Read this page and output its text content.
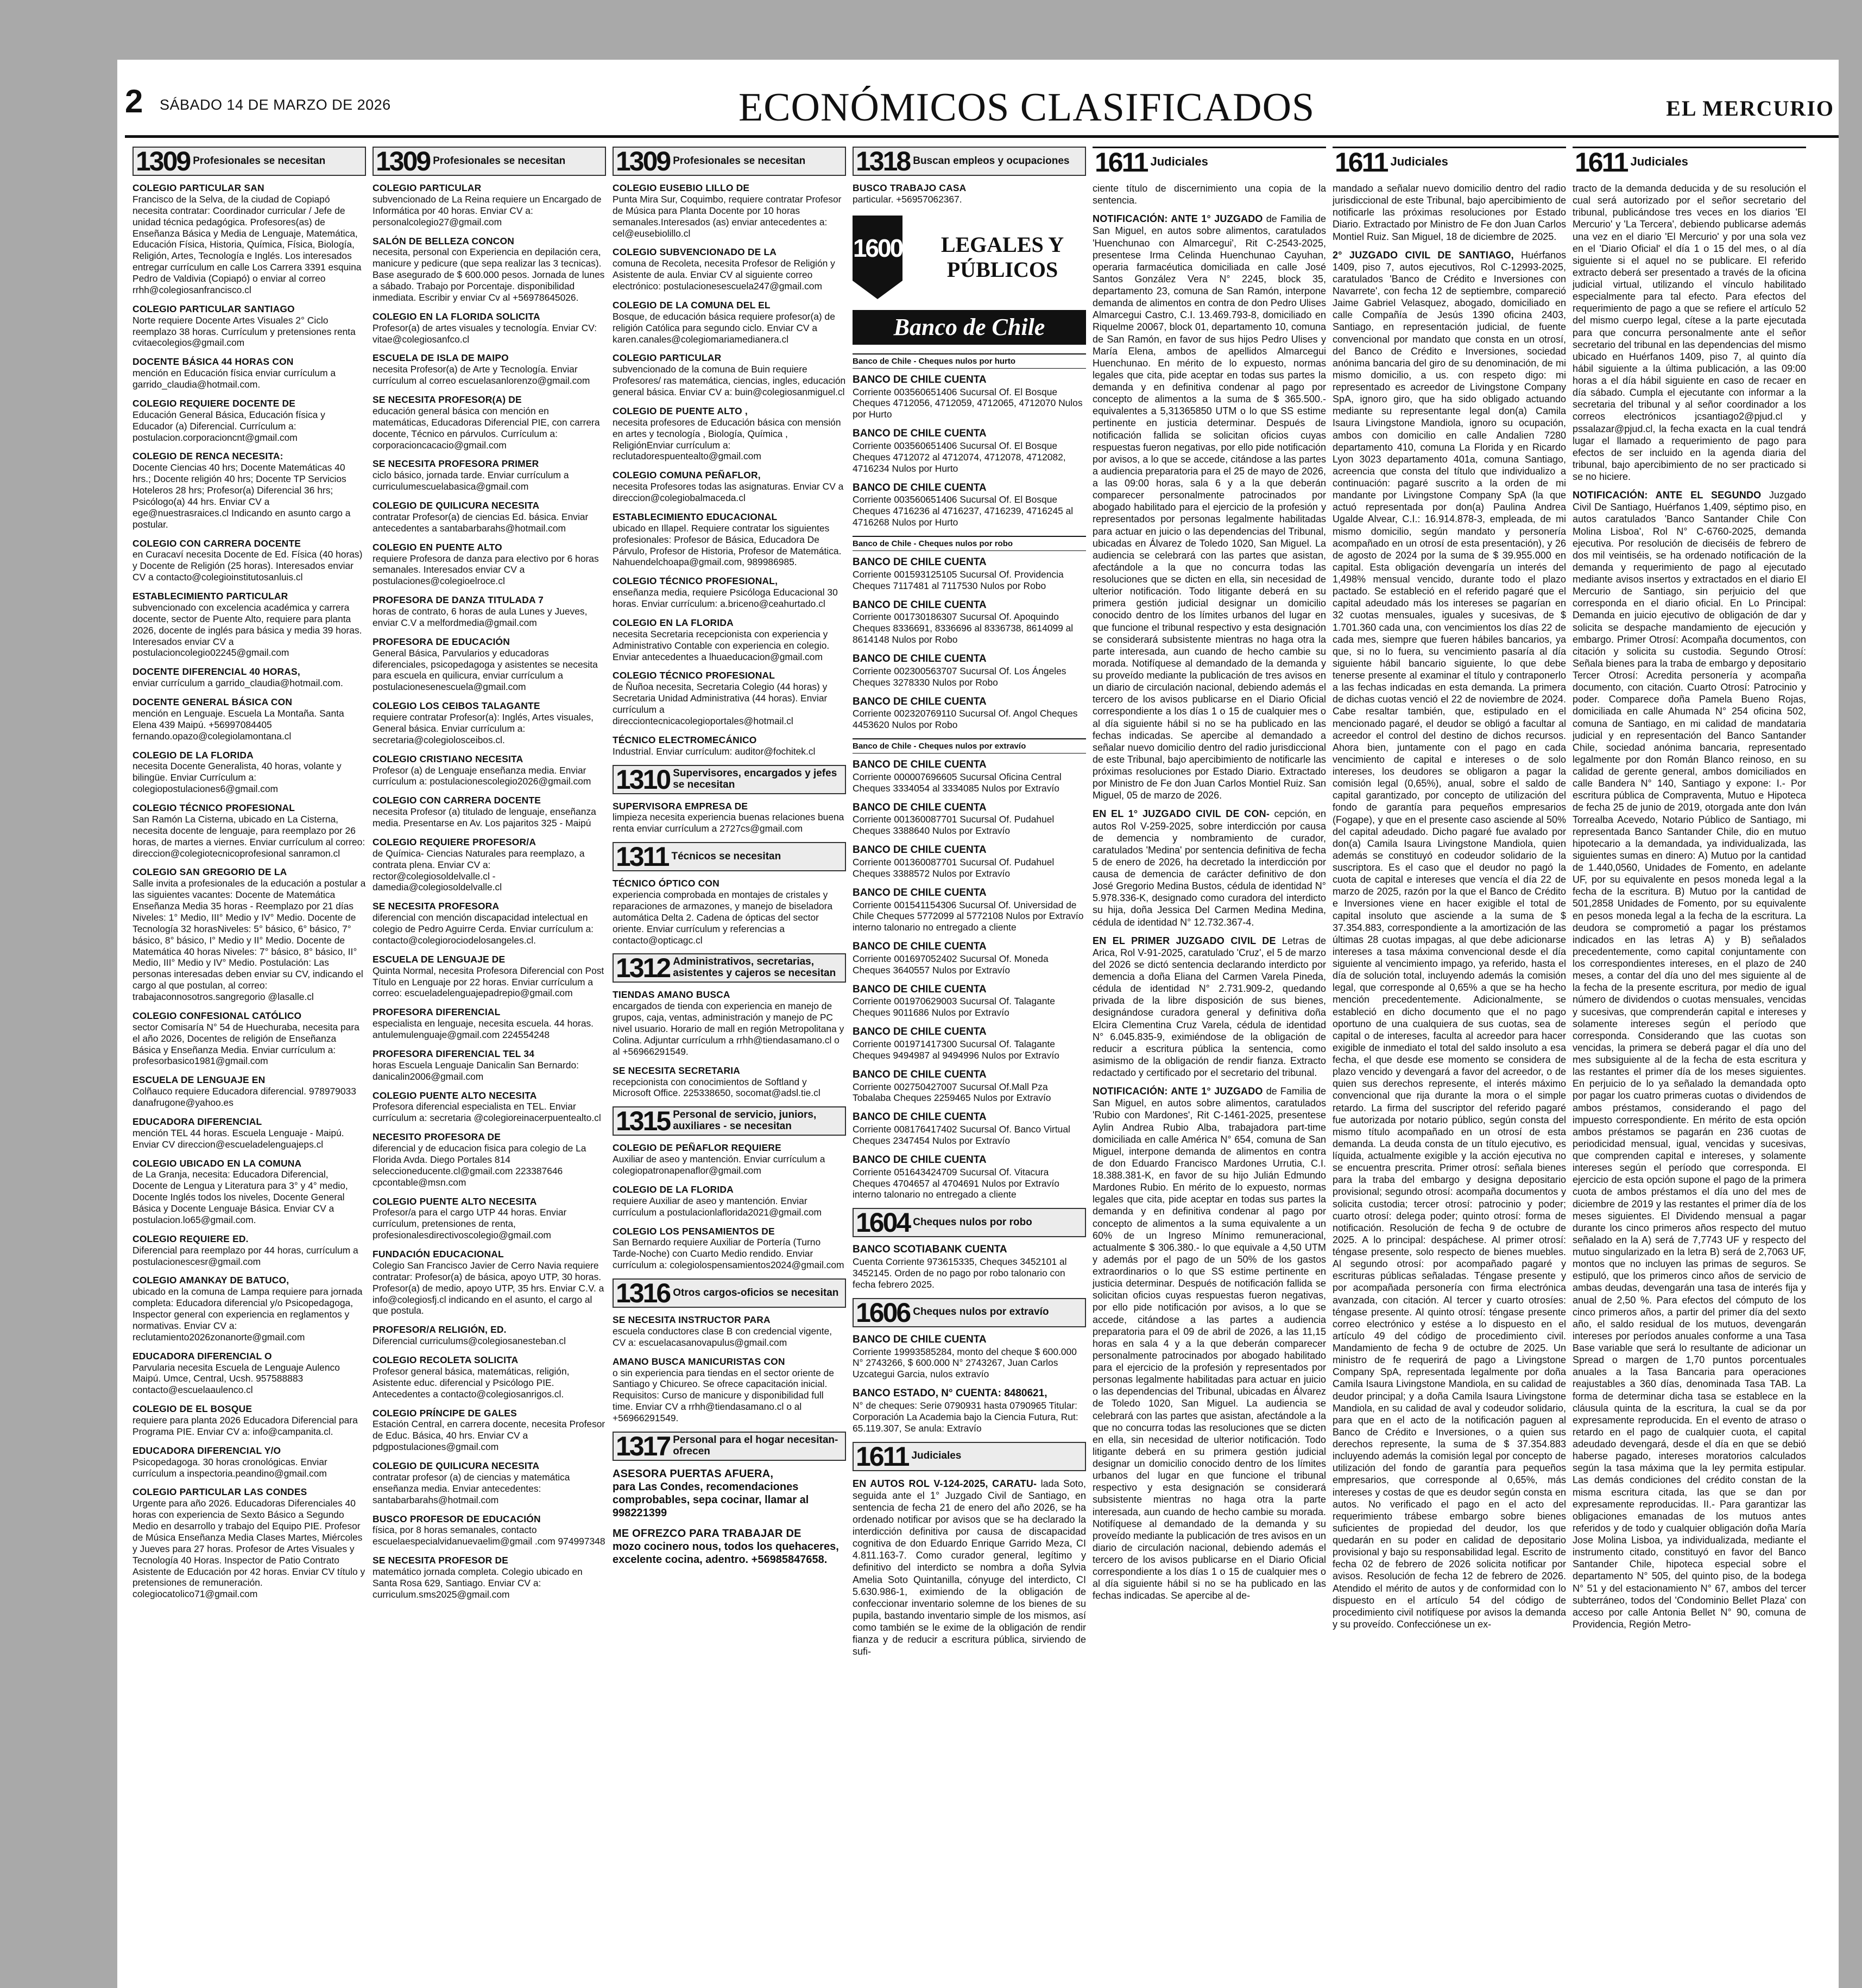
2 SÁBADO 14 DE MARZO DE 2026	ECONÓMICOS CLASIFICADOS	EL MERCURIO
1309 Profesionales se necesitan
COLEGIO PARTICULAR SAN
Francisco de la Selva, de la ciudad de Copiapó necesita contratar: Coordinador curricular / Jefe de unidad técnica pedagógica. Profesores(as) de Enseñanza Básica y Media de Lenguaje, Matemática, Educación Física, Historia, Química, Física, Biología, Religión, Artes, Tecnología e Inglés. Los interesados entregar currículum en calle Los Carrera 3391 esquina Pedro de Valdivia (Copiapó) o enviar al correo rrhh@colegiosanfrancisco.cl
COLEGIO PARTICULAR SANTIAGO
Norte requiere Docente Artes Visuales 2° Ciclo reemplazo 38 horas. Currículum y pretensiones renta cvitaecolegios@gmail.com
DOCENTE BÁSICA 44 HORAS CON
mención en Educación física enviar currículum a garrido_claudia@hotmail.com.
COLEGIO REQUIERE DOCENTE DE
Educación General Básica, Educación física y Educador (a) Diferencial. Currículum a: postulacion.corporacioncnt@gmail.com
COLEGIO DE RENCA NECESITA:
Docente Ciencias 40 hrs; Docente Matemáticas 40 hrs.; Docente religión 40 hrs; Docente TP Servicios Hoteleros 28 hrs; Profesor(a) Diferencial 36 hrs; Psicólogo(a) 44 hrs. Enviar CV a ege@nuestrasraices.cl Indicando en asunto cargo a postular.
COLEGIO CON CARRERA DOCENTE
en Curacaví necesita Docente de Ed. Física (40 horas) y Docente de Religión (25 horas). Interesados enviar CV a contacto@colegioinstitutosanluis.cl
ESTABLECIMIENTO PARTICULAR
subvencionado con excelencia académica y carrera docente, sector de Puente Alto, requiere para planta 2026, docente de inglés para básica y media 39 horas. Interesados enviar CV a postulacioncolegio02245@gmail.com
DOCENTE DIFERENCIAL 40 HORAS,
enviar currículum a garrido_claudia@hotmail.com.
DOCENTE GENERAL BÁSICA CON
mención en Lenguaje. Escuela La Montaña. Santa Elena 439 Maipú. +56997084405 fernando.opazo@colegiolamontana.cl
COLEGIO DE LA FLORIDA
necesita Docente Generalista, 40 horas, volante y bilingüe. Enviar Currículum a: colegiopostulaciones6@gmail.com
COLEGIO TÉCNICO PROFESIONAL
San Ramón La Cisterna, ubicado en La Cisterna, necesita docente de lenguaje, para reemplazo por 26 horas, de martes a viernes. Enviar currículum al correo: direccion@colegiotecnicoprofesional sanramon.cl
COLEGIO SAN GREGORIO DE LA
Salle invita a profesionales de la educación a postular a las siguientes vacantes: Docente de Matemática Enseñanza Media 35 horas - Reemplazo por 21 días Niveles: 1° Medio, III° Medio y IV° Medio. Docente de Tecnología 32 horasNiveles: 5° básico, 6° básico, 7° básico, 8° básico, I° Medio y II° Medio. Docente de Matemática 40 horas Niveles: 7° básico, 8° básico, II° Medio, III° Medio y IV° Medio. Postulación: Las personas interesadas deben enviar su CV, indicando el cargo al que postulan, al correo: trabajaconnosotros.sangregorio @lasalle.cl
COLEGIO CONFESIONAL CATÓLICO
sector Comisaría N° 54 de Huechuraba, necesita para el año 2026, Docentes de religión de Enseñanza Básica y Enseñanza Media. Enviar currículum a: profesorbasico1981@gmail.com
ESCUELA DE LENGUAJE EN
Colñauco requiere Educadora diferencial. 978979033 danafrugone@yahoo.es
EDUCADORA DIFERENCIAL
mención TEL 44 horas. Escuela Lenguaje - Maipú. Enviar CV direccion@escueladelenguajeps.cl
COLEGIO UBICADO EN LA COMUNA
de La Granja, necesita: Educadora Diferencial, Docente de Lengua y Literatura para 3° y 4° medio, Docente Inglés todos los niveles, Docente General Básica y Docente Lenguaje Básica. Enviar CV a postulacion.lo65@gmail.com.
COLEGIO REQUIERE ED.
Diferencial para reemplazo por 44 horas, currículum a postulacionescesr@gmail.com
COLEGIO AMANKAY DE BATUCO,
ubicado en la comuna de Lampa requiere para jornada completa: Educadora diferencial y/o Psicopedagoga, Inspector general con experiencia en reglamentos y normativas. Enviar CV a: reclutamiento2026zonanorte@gmail.com
EDUCADORA DIFERENCIAL O
Parvularia necesita Escuela de Lenguaje Aulenco Maipú. Umce, Central, Ucsh. 957588883 contacto@escuelaaulenco.cl
COLEGIO DE EL BOSQUE
requiere para planta 2026 Educadora Diferencial para Programa PIE. Enviar CV a: info@campanita.cl.
EDUCADORA DIFERENCIAL Y/O
Psicopedagoga. 30 horas cronológicas. Enviar currículum a inspectoria.peandino@gmail.com
COLEGIO PARTICULAR LAS CONDES
Urgente para año 2026. Educadoras Diferenciales 40 horas con experiencia de Sexto Básico a Segundo Medio en desarrollo y trabajo del Equipo PIE. Profesor de Música Enseñanza Media Clases Martes, Miércoles y Jueves para 27 horas. Profesor de Artes Visuales y Tecnología 40 Horas. Inspector de Patio Contrato Asistente de Educación por 42 horas. Enviar CV título y pretensiones de remuneración. colegiocatolico71@gmail.com
1309 Profesionales se necesitan
COLEGIO PARTICULAR
subvencionado de La Reina requiere un Encargado de Informática por 40 horas. Enviar CV a: personalcolegio27@gmail.com
SALÓN DE BELLEZA CONCON
necesita, personal con Experiencia en depilación cera, manicure y pedicure (que sepa realizar las 3 tecnicas). Base asegurado de $ 600.000 pesos. Jornada de lunes a sábado. Trabajo por Porcentaje. disponibilidad inmediata. Escribir y enviar Cv al +56978645026.
COLEGIO EN LA FLORIDA SOLICITA
Profesor(a) de artes visuales y tecnología. Enviar CV: vitae@colegiosanfco.cl
ESCUELA DE ISLA DE MAIPO
necesita Profesor(a) de Arte y Tecnología. Enviar currículum al correo escuelasanlorenzo@gmail.com
SE NECESITA PROFESOR(A) DE
educación general básica con mención en matemáticas, Educadoras Diferencial PIE, con carrera docente, Técnico en párvulos. Currículum a: corporacioncacacio@gmail.com
SE NECESITA PROFESORA PRIMER
ciclo básico, jornada tarde. Enviar currículum a curriculumescuelabasica@gmail.com
COLEGIO DE QUILICURA NECESITA
contratar Profesor(a) de ciencias Ed. básica. Enviar antecedentes a santabarbarahs@hotmail.com
COLEGIO EN PUENTE ALTO
requiere Profesora de danza para electivo por 6 horas semanales. Interesados enviar CV a postulaciones@colegioelroce.cl
PROFESORA DE DANZA TITULADA 7
horas de contrato, 6 horas de aula Lunes y Jueves, enviar C.V a melfordmedia@gmail.com
PROFESORA DE EDUCACIÓN
General Básica, Parvularios y educadoras diferenciales, psicopedagoga y asistentes se necesita para escuela en quilicura, enviar currículum a postulacionesenescuela@gmail.com
COLEGIO LOS CEIBOS TALAGANTE
requiere contratar Profesor(a): Inglés, Artes visuales, General básica. Enviar currículum a: secretaria@colegiolosceibos.cl.
COLEGIO CRISTIANO NECESITA
Profesor (a) de Lenguaje enseñanza media. Enviar currículum a: postulacionescolegio2026@gmail.com
COLEGIO CON CARRERA DOCENTE
necesita Profesor (a) titulado de lenguaje, enseñanza media. Presentarse en Av. Los pajaritos 325 - Maipú
COLEGIO REQUIERE PROFESOR/A
de Química- Ciencias Naturales para reemplazo, a contrata plena. Enviar CV a: rector@colegiosoldelvalle.cl - damedia@colegiosoldelvalle.cl
SE NECESITA PROFESORA
diferencial con mención discapacidad intelectual en colegio de Pedro Aguirre Cerda. Enviar currículum a: contacto@colegiorociodelosangeles.cl.
ESCUELA DE LENGUAJE DE
Quinta Normal, necesita Profesora Diferencial con Post Título en Lenguaje por 22 horas. Enviar currículum a correo: escueladelenguajepadrepio@gmail.com
PROFESORA DIFERENCIAL
especialista en lenguaje, necesita escuela. 44 horas. antulemulenguaje@gmail.com 224554248
PROFESORA DIFERENCIAL TEL 34
horas Escuela Lenguaje Danicalin San Bernardo: danicalin2006@gmail.com
COLEGIO PUENTE ALTO NECESITA
Profesora diferencial especialista en TEL. Enviar currículum a: secretaria @colegioreinacerpuentealto.cl
NECESITO PROFESORA DE
diferencial y de educacion fisica para colegio de La Florida Avda. Diego Portales 814 seleccioneducente.cl@gmail.com 223387646 cpcontable@msn.com
COLEGIO PUENTE ALTO NECESITA
Profesor/a para el cargo UTP 44 horas. Enviar currículum, pretensiones de renta, profesionalesdirectivoscolegio@gmail.com
FUNDACIÓN EDUCACIONAL
Colegio San Francisco Javier de Cerro Navia requiere contratar: Profesor(a) de básica, apoyo UTP, 30 horas. Profesor(a) de medio, apoyo UTP, 35 hrs. Enviar C.V. a info@colegiosfj.cl indicando en el asunto, el cargo al que postula.
PROFESOR/A RELIGIÓN, ED.
Diferencial curriculums@colegiosanesteban.cl
COLEGIO RECOLETA SOLICITA
Profesor general básica, matemáticas, religión, Asistente educ. diferencial y Psicólogo PIE. Antecedentes a contacto@colegiosanrigos.cl.
COLEGIO PRÍNCIPE DE GALES
Estación Central, en carrera docente, necesita Profesor de Educ. Básica, 40 hrs. Enviar CV a pdgpostulaciones@gmail.com
COLEGIO DE QUILICURA NECESITA
contratar profesor (a) de ciencias y matemática enseñanza media. Enviar antecedentes: santabarbarahs@hotmail.com
BUSCO PROFESOR DE EDUCACIÓN
física, por 8 horas semanales, contacto escuelaespecialvidanuevaelim@gmail .com 974997348
SE NECESITA PROFESOR DE
matemático jornada completa. Colegio ubicado en Santa Rosa 629, Santiago. Enviar CV a: curriculum.sms2025@gmail.com
1309 Profesionales se necesitan
COLEGIO EUSEBIO LILLO DE
Punta Mira Sur, Coquimbo, requiere contratar Profesor de Música para Planta Docente por 10 horas semanales.Interesados (as) enviar antecedentes a: cel@eusebiolillo.cl
COLEGIO SUBVENCIONADO DE LA
comuna de Recoleta, necesita Profesor de Religión y Asistente de aula. Enviar CV al siguiente correo electrónico: postulacionesescuela247@gmail.com
COLEGIO DE LA COMUNA DEL EL
Bosque, de educación básica requiere profesor(a) de religión Católica para segundo ciclo. Enviar CV a karen.canales@colegiomariamedianera.cl
COLEGIO PARTICULAR
subvencionado de la comuna de Buin requiere Profesores/ ras matemática, ciencias, ingles, educación general básica. Enviar CV a: buin@colegiosanmiguel.cl
COLEGIO DE PUENTE ALTO ,
necesita profesores de Educación básica con mensión en artes y tecnología , Biología, Química , ReligiónEnviar currículum a: reclutadorespuentealto@gmail.com
COLEGIO COMUNA PEÑAFLOR,
necesita Profesores todas las asignaturas. Enviar CV a direccion@colegiobalmaceda.cl
ESTABLECIMIENTO EDUCACIONAL
ubicado en Illapel. Requiere contratar los siguientes profesionales: Profesor de Básica, Educadora De Párvulo, Profesor de Historia, Profesor de Matemática. Nahuendelchoapa@gmail.com, 989986985.
COLEGIO TÉCNICO PROFESIONAL,
enseñanza media, requiere Psicóloga Educacional 30 horas. Enviar currículum: a.briceno@ceahurtado.cl
COLEGIO EN LA FLORIDA
necesita Secretaria recepcionista con experiencia y Administrativo Contable con experiencia en colegio. Enviar antecedentes a lhuaeducacion@gmail.com
COLEGIO TÉCNICO PROFESIONAL
de Ñuñoa necesita, Secretaria Colegio (44 horas) y Secretaria Unidad Administrativa (44 horas). Enviar currículum a direcciontecnicacolegioportales@hotmail.cl
TÉCNICO ELECTROMECÁNICO
Industrial. Enviar currículum: auditor@fochitek.cl
1310 Supervisores, encargados y jefes se necesitan
SUPERVISORA EMPRESA DE
limpieza necesita experiencia buenas relaciones buena renta enviar currículum a 2727cs@gmail.com
1311 Técnicos se necesitan
TÉCNICO ÓPTICO CON
experiencia comprobada en montajes de cristales y reparaciones de armazones, y manejo de biseladora automática Delta 2. Cadena de ópticas del sector oriente. Enviar currículum y referencias a contacto@opticagc.cl
1312 Administrativos, secretarias, asistentes y cajeros se necesitan
TIENDAS AMANO BUSCA
encargados de tienda con experiencia en manejo de grupos, caja, ventas, administración y manejo de PC nivel usuario. Horario de mall en región Metropolitana y Colina. Adjuntar currículum a rrhh@tiendasamano.cl o al +56966291549.
SE NECESITA SECRETARIA
recepcionista con conocimientos de Softland y Microsoft Office. 225338650, socomat@adsl.tie.cl
1315 Personal de servicio, juniors, auxiliares - se necesitan
COLEGIO DE PEÑAFLOR REQUIERE
Auxiliar de aseo y mantención. Enviar currículum a colegiopatronapenaflor@gmail.com
COLEGIO DE LA FLORIDA
requiere Auxiliar de aseo y mantención. Enviar currículum a postulacionlaflorida2021@gmail.com
COLEGIO LOS PENSAMIENTOS DE
San Bernardo requiere Auxiliar de Portería (Turno Tarde-Noche) con Cuarto Medio rendido. Enviar currículum a: colegiolospensamientos2024@gmail.com
1316 Otros cargos-oficios se necesitan
SE NECESITA INSTRUCTOR PARA
escuela conductores clase B con credencial vigente, CV a: escuelacasanovapulus@gmail.com
AMANO BUSCA MANICURISTAS CON
o sin experiencia para tiendas en el sector oriente de Santiago y Chicureo. Se ofrece capacitación inicial. Requisitos: Curso de manicure y disponibilidad full time. Enviar CV a rrhh@tiendasamano.cl o al +56966291549.
1317 Personal para el hogar necesitan-ofrecen
ASESORA PUERTAS AFUERA,
para Las Condes, recomendaciones comprobables, sepa cocinar, llamar al 998221399
ME OFREZCO PARA TRABAJAR DE
mozo cocinero nous, todos los quehaceres, excelente cocina, adentro. +56985847658.
1318 Buscan empleos y ocupaciones
BUSCO TRABAJO CASA
particular. +56957062367.
1600	LEGALES Y PÚBLICOS
Banco de Chile
Banco de Chile - Cheques nulos por hurto
BANCO DE CHILE CUENTA
Corriente 003560651406 Sucursal Of. El Bosque Cheques 4712056, 4712059, 4712065, 4712070 Nulos por Hurto
BANCO DE CHILE CUENTA
Corriente 003560651406 Sucursal Of. El Bosque Cheques 4712072 al 4712074, 4712078, 4712082, 4716234 Nulos por Hurto
BANCO DE CHILE CUENTA
Corriente 003560651406 Sucursal Of. El Bosque Cheques 4716236 al 4716237, 4716239, 4716245 al 4716268 Nulos por Hurto
Banco de Chile - Cheques nulos por robo
BANCO DE CHILE CUENTA
Corriente 001593125105 Sucursal Of. Providencia Cheques 7117481 al 7117530 Nulos por Robo
BANCO DE CHILE CUENTA
Corriente 001730186307 Sucursal Of. Apoquindo Cheques 8336691, 8336696 al 8336738, 8614099 al 8614148 Nulos por Robo
BANCO DE CHILE CUENTA
Corriente 002300563707 Sucursal Of. Los Ángeles Cheques 3278330 Nulos por Robo
BANCO DE CHILE CUENTA
Corriente 002320769110 Sucursal Of. Angol Cheques 4453620 Nulos por Robo
Banco de Chile - Cheques nulos por extravío
BANCO DE CHILE CUENTA
Corriente 000007696605 Sucursal Oficina Central Cheques 3334054 al 3334085 Nulos por Extravío
BANCO DE CHILE CUENTA
Corriente 001360087701 Sucursal Of. Pudahuel Cheques 3388640 Nulos por Extravío
BANCO DE CHILE CUENTA
Corriente 001360087701 Sucursal Of. Pudahuel Cheques 3388572 Nulos por Extravío
BANCO DE CHILE CUENTA
Corriente 001541154306 Sucursal Of. Universidad de Chile Cheques 5772099 al 5772108 Nulos por Extravío interno talonario no entregado a cliente
BANCO DE CHILE CUENTA
Corriente 001697052402 Sucursal Of. Moneda Cheques 3640557 Nulos por Extravío
BANCO DE CHILE CUENTA
Corriente 001970629003 Sucursal Of. Talagante Cheques 9011686 Nulos por Extravío
BANCO DE CHILE CUENTA
Corriente 001971417300 Sucursal Of. Talagante Cheques 9494987 al 9494996 Nulos por Extravío
BANCO DE CHILE CUENTA
Corriente 002750427007 Sucursal Of.Mall Pza Tobalaba Cheques 2259465 Nulos por Extravío
BANCO DE CHILE CUENTA
Corriente 008176417402 Sucursal Of. Banco Virtual Cheques 2347454 Nulos por Extravío
BANCO DE CHILE CUENTA
Corriente 051643424709 Sucursal Of. Vitacura Cheques 4704657 al 4704691 Nulos por Extravío interno talonario no entregado a cliente
1604 Cheques nulos por robo
BANCO SCOTIABANK CUENTA
Cuenta Corriente 973615335, Cheques 3452101 al 3452145. Orden de no pago por robo talonario con fecha febrero 2025.
1606 Cheques nulos por extravío
BANCO DE CHILE CUENTA
Corriente 19993585284, monto del cheque $ 600.000 N° 2743266, $ 600.000 N° 2743267, Juan Carlos Uzcategui Garcia, nulos extravío
BANCO ESTADO, N° CUENTA: 8480621,
N° de cheques: Serie 0790931 hasta 0790965 Titular: Corporación La Academia bajo la Ciencia Futura, Rut: 65.119.307, Se anula: Extravío
1611 Judiciales
EN AUTOS ROL V-124-2025, CARATU- lada Soto, seguida ante el 1° Juzgado Civil de Santiago, en sentencia de fecha 21 de enero del año 2026, se ha ordenado notificar por avisos que se ha declarado la interdicción definitiva por causa de discapacidad cognitiva de don Eduardo Enrique Garrido Meza, CI 4.811.163-7. Como curador general, legítimo y definitivo del interdicto se nombra a doña Sylvia Amelia Soto Quintanilla, cónyuge del interdicto, CI 5.630.986-1, eximiendo de la obligación de confeccionar inventario solemne de los bienes de su pupila, bastando inventario simple de los mismos, así como también se le exime de la obligación de rendir fianza y de reducir a escritura pública, sirviendo de sufi-
1611 Judiciales
ciente título de discernimiento una copia de la sentencia.
NOTIFICACIÓN: ANTE 1° JUZGADO de Familia de San Miguel, en autos sobre alimentos, caratulados 'Huenchunao con Almarcegui', Rit C-2543-2025, presentese Irma Celinda Huenchunao Cayuhan, operaria farmacéutica domiciliada en calle José Santos González Vera N° 2245, block 35, departamento 23, comuna de San Ramón, interpone demanda de alimentos en contra de don Pedro Ulises Almarcegui Castro, C.I. 13.469.793-8, domiciliado en Riquelme 20067, block 01, departamento 10, comuna de San Ramón, en favor de sus hijos Pedro Ulises y María Elena, ambos de apellidos Almarcegui Huenchunao. En mérito de lo expuesto, normas legales que cita, pide aceptar en todas sus partes la demanda y en definitiva condenar al pago por concepto de alimentos a la suma de $ 365.500.- equivalentes a 5,31365850 UTM o lo que SS estime pertinente en justicia determinar. Después de notificación fallida se solicitan oficios cuyas respuestas fueron negativas, por ello pide notificación por avisos, a lo que se accede, citándose a las partes a audiencia preparatoria para el 25 de mayo de 2026, a las 09:00 horas, sala 6 y a la que deberán comparecer personalmente patrocinados por abogado habilitado para el ejercicio de la profesión y representados por personas legalmente habilitadas para actuar en juicio o las dependencias del Tribunal, ubicadas en Álvarez de Toledo 1020, San Miguel. La audiencia se celebrará con las partes que asistan, afectándole a la que no concurra todas las resoluciones que se dicten en ella, sin necesidad de ulterior notificación. Todo litigante deberá en su primera gestión judicial designar un domicilio conocido dentro de los límites urbanos del lugar en que funcione el tribunal respectivo y esta designación se considerará subsistente mientras no haga otra la parte interesada, aun cuando de hecho cambie su morada. Notifíquese al demandado de la demanda y su proveído mediante la publicación de tres avisos en un diario de circulación nacional, debiendo además el tercero de los avisos publicarse en el Diario Oficial correspondiente a los días 1 o 15 de cualquier mes o al día siguiente hábil si no se ha publicado en las fechas indicadas. Se apercibe al demandado a señalar nuevo domicilio dentro del radio jurisdiccional de este Tribunal, bajo apercibimiento de notificarle las próximas resoluciones por Estado Diario. Extractado por Ministro de Fe don Juan Carlos Montiel Ruiz. San Miguel, 05 de marzo de 2026.
EN EL 1° JUZGADO CIVIL DE CON- cepción, en autos Rol V-259-2025, sobre interdicción por causa de demencia y nombramiento de curador, caratulados 'Medina' por sentencia definitiva de fecha 5 de enero de 2026, ha decretado la interdicción por causa de demencia de carácter definitivo de don José Gregorio Medina Bustos, cédula de identidad N° 5.978.336-K, designado como curadora del interdicto su hija, doña Jessica Del Carmen Medina Medina, cédula de identidad N° 12.732.367-4.
EN EL PRIMER JUZGADO CIVIL DE Letras de Arica, Rol V-91-2025, caratulado 'Cruz', el 5 de marzo del 2026 se dictó sentencia declarando interdicto por demencia a doña Eliana del Carmen Varela Pineda, cédula de identidad N° 2.731.909-2, quedando privada de la libre disposición de sus bienes, designándose curadora general y definitiva doña Elcira Clementina Cruz Varela, cédula de identidad N° 6.045.835-9, eximiéndose de la obligación de reducir a escritura pública la sentencia, como asimismo de la obligación de rendir fianza. Extracto redactado y certificado por el secretario del tribunal.
NOTIFICACIÓN: ANTE 1° JUZGADO de Familia de San Miguel, en autos sobre alimentos, caratulados 'Rubio con Mardones', Rit C-1461-2025, presentese Aylin Andrea Rubio Alba, trabajadora part-time domiciliada en calle América N° 654, comuna de San Miguel, interpone demanda de alimentos en contra de don Eduardo Francisco Mardones Urrutia, C.I. 18.388.381-K, en favor de su hijo Julián Edmundo Mardones Rubio. En mérito de lo expuesto, normas legales que cita, pide aceptar en todas sus partes la demanda y en definitiva condenar al pago por concepto de alimentos a la suma equivalente a un 60% de un Ingreso Mínimo remuneracional, actualmente $ 306.380.- lo que equivale a 4,50 UTM y además por el pago de un 50% de los gastos extraordinarios o lo que SS estime pertinente en justicia determinar. Después de notificación fallida se solicitan oficios cuyas respuestas fueron negativas, por ello pide notificación por avisos, a lo que se accede, citándose a las partes a audiencia preparatoria para el 09 de abril de 2026, a las 11,15 horas en sala 4 y a la que deberán comparecer personalmente patrocinados por abogado habilitado para el ejercicio de la profesión y representados por personas legalmente habilitadas para actuar en juicio o las dependencias del Tribunal, ubicadas en Álvarez de Toledo 1020, San Miguel. La audiencia se celebrará con las partes que asistan, afectándole a la que no concurra todas las resoluciones que se dicten en ella, sin necesidad de ulterior notificación. Todo litigante deberá en su primera gestión judicial designar un domicilio conocido dentro de los límites urbanos del lugar en que funcione el tribunal respectivo y esta designación se considerará subsistente mientras no haga otra la parte interesada, aun cuando de hecho cambie su morada. Notifíquese al demandado de la demanda y su proveído mediante la publicación de tres avisos en un diario de circulación nacional, debiendo además el tercero de los avisos publicarse en el Diario Oficial correspondiente a los días 1 o 15 de cualquier mes o al día siguiente hábil si no se ha publicado en las fechas indicadas. Se apercibe al de-
1611 Judiciales
mandado a señalar nuevo domicilio dentro del radio jurisdiccional de este Tribunal, bajo apercibimiento de notificarle las próximas resoluciones por Estado Diario. Extractado por Ministro de Fe don Juan Carlos Montiel Ruiz. San Miguel, 18 de diciembre de 2025.
2° JUZGADO CIVIL DE SANTIAGO, Huérfanos 1409, piso 7, autos ejecutivos, Rol C-12993-2025, caratulados 'Banco de Crédito e Inversiones con Navarrete', con fecha 12 de septiembre, compareció Jaime Gabriel Velasquez, abogado, domiciliado en calle Compañía de Jesús 1390 oficina 2403, Santiago, en representación judicial, de fuente convencional por mandato que consta en un otrosí, del Banco de Crédito e Inversiones, sociedad anónima bancaria del giro de su denominación, de mi mismo domicilio, a us. con respeto digo: mi representado es acreedor de Livingstone Company SpA, ignoro giro, que ha sido obligado actuando mediante su representante legal don(a) Camila Isaura Livingstone Mandiola, ignoro su ocupación, ambos con domicilio en calle Andalien 7280 departamento 410, comuna La Florida y en Ricardo Lyon 3023 departamento 401a, comuna Santiago, acreencia que consta del título que individualizo a continuación: pagaré suscrito a la orden de mi mandante por Livingstone Company SpA (la que actuó representada por don(a) Paulina Andrea Ugalde Alvear, C.I.: 16.914.878-3, empleada, de mi mismo domicilio, según mandato y personería acompañado en un otrosí de esta presentación), y 26 de agosto de 2024 por la suma de $ 39.955.000 en capital. Esta obligación devengaría un interés del 1,498% mensual vencido, durante todo el plazo pactado. Se estableció en el referido pagaré que el capital adeudado más los intereses se pagarían en 32 cuotas mensuales, iguales y sucesivas, de $ 1.701.360 cada una, con vencimientos los días 22 de cada mes, siempre que fueren hábiles bancarios, ya que, si no lo fuera, su vencimiento pasaría al día siguiente hábil bancario siguiente, lo que debe tenerse presente al examinar el título y contraponerlo a las fechas indicadas en esta demanda. La primera de dichas cuotas venció el 22 de noviembre de 2024. Cabe resaltar también, que, estipulado en el mencionado pagaré, el deudor se obligó a facultar al acreedor el control del destino de dichos recursos. Ahora bien, juntamente con el pago en cada vencimiento de capital e intereses o de solo intereses, los deudores se obligaron a pagar la comisión legal (0,65%), anual, sobre el saldo de capital garantizado, por concepto de utilización del fondo de garantía para pequeños empresarios (Fogape), y que en el presente caso asciende al 50% del capital adeudado. Dicho pagaré fue avalado por don(a) Camila Isaura Livingstone Mandiola, quien además se constituyó en codeudor solidario de la suscriptora. Es el caso que el deudor no pagó la cuota de capital e intereses que vencía el día 22 de marzo de 2025, razón por la que el Banco de Crédito e Inversiones viene en hacer exigible el total de capital insoluto que asciende a la suma de $ 37.354.883, correspondiente a la amortización de las últimas 28 cuotas impagas, al que debe adicionarse intereses a tasa máxima convencional desde el día siguiente al vencimiento impago, ya referido, hasta el día de solución total, incluyendo además la comisión legal, que corresponde al 0,65% a que se ha hecho mención precedentemente. Adicionalmente, se estableció en dicho documento que el no pago oportuno de una cualquiera de sus cuotas, sea de capital o de intereses, faculta al acreedor para hacer exigible de inmediato el total del saldo insoluto a esa fecha, el que desde ese momento se considera de plazo vencido y devengará a favor del acreedor, o de quien sus derechos represente, el interés máximo convencional que rija durante la mora o el simple retardo. La firma del suscriptor del referido pagaré fue autorizada por notario público, según consta del mismo título acompañado en un otrosí de esta demanda. La deuda consta de un título ejecutivo, es líquida, actualmente exigible y la acción ejecutiva no se encuentra prescrita. Primer otrosí: señala bienes para la traba del embargo y designa depositario provisional; segundo otrosí: acompaña documentos y solicita custodia; tercer otrosí: patrocinio y poder; cuarto otrosí: delega poder; quinto otrosí: forma de notificación. Resolución de fecha 9 de octubre de 2025. A lo principal: despáchese. Al primer otrosí: téngase presente, solo respecto de bienes muebles. Al segundo otrosí: por acompañado pagaré y escrituras públicas señaladas. Téngase presente y por acompañada personería con firma electrónica avanzada, con citación. Al tercer y cuarto otrosíes: téngase presente. Al quinto otrosí: téngase presente correo electrónico y estése a lo dispuesto en el artículo 49 del código de procedimiento civil. Mandamiento de fecha 9 de octubre de 2025. Un ministro de fe requerirá de pago a Livingstone Company SpA, representada legalmente por doña Camila Isaura Livingstone Mandiola, en su calidad de deudor principal; y a doña Camila Isaura Livingstone Mandiola, en su calidad de aval y codeudor solidario, para que en el acto de la notificación paguen al Banco de Crédito e Inversiones, o a quien sus derechos represente, la suma de $ 37.354.883 incluyendo además la comisión legal por concepto de utilización del fondo de garantía para pequeños empresarios, que corresponde al 0,65%, más intereses y costas de que es deudor según consta en autos. No verificado el pago en el acto del requerimiento trábese embargo sobre bienes suficientes de propiedad del deudor, los que quedarán en su poder en calidad de depositario provisional y bajo su responsabilidad legal. Escrito de fecha 02 de febrero de 2026 solicita notificar por avisos. Resolución de fecha 12 de febrero de 2026. Atendido el mérito de autos y de conformidad con lo dispuesto en el artículo 54 del código de procedimiento civil notifíquese por avisos la demanda y su proveído. Confecciónese un ex-
1611 Judiciales
tracto de la demanda deducida y de su resolución el cual será autorizado por el señor secretario del tribunal, publicándose tres veces en los diarios 'El Mercurio' y 'La Tercera', debiendo publicarse además una vez en el diario 'El Mercurio' y por una sola vez en el 'Diario Oficial' el día 1 o 15 del mes, o al día siguiente si el aquel no se publicare. El referido extracto deberá ser presentado a través de la oficina judicial virtual, utilizando el vínculo habilitado especialmente para tal efecto. Para efectos del requerimiento de pago a que se refiere el artículo 52 del mismo cuerpo legal, cítese a la parte ejecutada para que concurra personalmente ante el señor secretario del tribunal en las dependencias del mismo ubicado en Huérfanos 1409, piso 7, al quinto día hábil siguiente a la última publicación, a las 09:00 horas a el día hábil siguiente en caso de recaer en día sábado. Cumpla el ejecutante con informar a la secretaria del tribunal y al señor coordinador a los correos electrónicos jcsantiago2@pjud.cl y pssalazar@pjud.cl, la fecha exacta en la cual tendrá lugar el llamado a requerimiento de pago para efectos de ser incluido en la agenda diaria del tribunal, bajo apercibimiento de no ser practicado si se no hiciere.
NOTIFICACIÓN: ANTE EL SEGUNDO Juzgado Civil De Santiago, Huérfanos 1,409, séptimo piso, en autos caratulados 'Banco Santander Chile Con Molina Lisboa', Rol N° C-6760-2025, demanda ejecutiva. Por resolución de dieciséis de febrero de dos mil veintiséis, se ha ordenado notificación de la demanda y requerimiento de pago al ejecutado mediante avisos insertos y extractados en el diario El Mercurio de Santiago, sin perjuicio del que corresponda en el diario oficial. En Lo Principal: Demanda en juicio ejecutivo de obligación de dar y solicita se despache mandamiento de ejecución y embargo. Primer Otrosí: Acompaña documentos, con citación y solicita su custodia. Segundo Otrosí: Señala bienes para la traba de embargo y depositario Tercer Otrosí: Acredita personería y acompaña documento, con citación. Cuarto Otrosí: Patrocinio y poder. Comparece doña Pamela Bueno Rojas, domiciliada en calle Ahumada N° 254 oficina 502, comuna de Santiago, en mi calidad de mandataria judicial y en representación del Banco Santander Chile, sociedad anónima bancaria, representado legalmente por don Román Blanco reinoso, en su calidad de gerente general, ambos domiciliados en calle Bandera N° 140, Santiago y expone: I.- Por escritura pública de Compraventa, Mutuo e Hipoteca de fecha 25 de junio de 2019, otorgada ante don Iván Torrealba Acevedo, Notario Público de Santiago, mi representada Banco Santander Chile, dio en mutuo hipotecario a la demandada, ya individualizada, las siguientes sumas en dinero: A) Mutuo por la cantidad de 1.440,0560, Unidades de Fomento, en adelante UF, por su equivalente en pesos moneda legal a la fecha de la escritura. B) Mutuo por la cantidad de 501,2858 Unidades de Fomento, por su equivalente en pesos moneda legal a la fecha de la escritura. La deudora se comprometió a pagar los préstamos indicados en las letras A) y B) señalados precedentemente, como capital conjuntamente con los correspondientes intereses, en el plazo de 240 meses, a contar del día uno del mes siguiente al de la fecha de la presente escritura, por medio de igual número de dividendos o cuotas mensuales, vencidas y sucesivas, que comprenderán capital e intereses y solamente intereses según el período que corresponda. Considerando que las cuotas son vencidas, la primera se deberá pagar el día uno del mes subsiguiente al de la fecha de esta escritura y las restantes el primer día de los meses siguientes. En perjuicio de lo ya señalado la demandada opto por pagar los cuatro primeras cuotas o dividendos de ambos préstamos, considerando el pago del impuesto correspondiente. En mérito de esta opción ambos préstamos se pagarán en 236 cuotas de periodicidad mensual, igual, vencidas y sucesivas, que comprenden capital e intereses, y solamente intereses según el período que corresponda. El ejercicio de esta opción supone el pago de la primera cuota de ambos préstamos el día uno del mes de diciembre de 2019 y las restantes el primer día de los meses siguientes. El Dividendo mensual a pagar durante los cinco primeros años respecto del mutuo señalado en la A) será de 7,7743 UF y respecto del mutuo singularizado en la letra B) será de 2,7063 UF, montos que no incluyen las primas de seguros. Se estipuló, que los primeros cinco años de servicio de ambas deudas, devengarán una tasa de interés fija y anual de 2,50 %. Para efectos del cómputo de los cinco primeros años, a partir del primer día del sexto año, el saldo residual de los mutuos, devengarán intereses por períodos anuales conforme a una Tasa Base variable que será lo resultante de adicionar un Spread o margen de 1,70 puntos porcentuales anuales a la Tasa Bancaria para operaciones reajustables a 360 días, denominada Tasa TAB. La forma de determinar dicha tasa se establece en la cláusula quinta de la escritura, la cual se da por expresamente reproducida. En el evento de atraso o retardo en el pago de cualquier cuota, el capital adeudado devengará, desde el día en que se debió haberse pagado, intereses moratorios calculados según la tasa máxima que la ley permita estipular. Las demás condiciones del crédito constan de la misma escritura citada, las que se dan por expresamente reproducidas. II.- Para garantizar las obligaciones emanadas de los mutuos antes referidos y de todo y cualquier obligación doña María Jose Molina Lisboa, ya individualizada, mediante el instrumento citado, constituyó en favor del Banco Santander Chile, hipoteca especial sobre el departamento N° 505, del quinto piso, de la bodega N° 51 y del estacionamiento N° 67, ambos del tercer subterráneo, todos del 'Condominio Bellet Plaza' con acceso por calle Antonia Bellet N° 90, comuna de Providencia, Región Metro-
